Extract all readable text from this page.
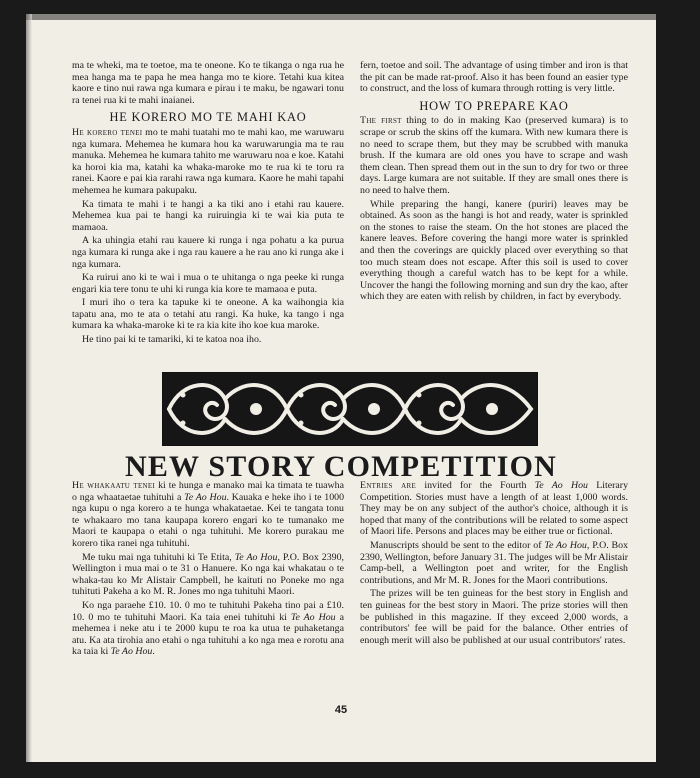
ma te wheki, ma te toetoe, ma te oneone. Ko te tikanga o nga rua he mea hanga ma te papa he mea hanga mo te kiore. Tetahi kua kitea kaore e tino nui rawa nga kumara e pirau i te maku, be ngawari tonu ra tenei rua ki te mahi inaianei.

HE KORERO MO TE MAHI KAO

He korero tenei mo te mahi tuatahi mo te mahi kao, me waruwaru nga kumara. Mehemea he kumara hou ka waruwarungia ma te rau manuka. Mehemea he kumara tahito me waruwaru noa e koe. Katahi ka horoi kia ma, katahi ka whaka-maroke mo te rua ki te toru ra ranei. Kaore e pai kia rarahi rawa nga kumara. Kaore he mahi tapahi mehemea he kumara pakupaku.

Ka timata te mahi i te hangi a ka tiki ano i etahi rau kauere. Mehemea kua pai te hangi ka ruiruingia ki te wai kia puta te mamaoa.

A ka uhingia etahi rau kauere ki runga i nga pohatu a ka purua nga kumara ki runga ake i nga rau kauere a he rau ano ki runga ake i nga kumara.

Ka ruirui ano ki te wai i mua o te uhitanga o nga peeke ki runga engari kia tere tonu te uhi ki runga kia kore te mamaoa e puta.

I muri iho o tera ka tapuke ki te oneone. A ka waihongia kia tapatu ana, mo te ata o tetahi atu rangi. Ka huke, ka tango i nga kumara ka whaka-maroke ki te ra kia kite iho koe kua maroke.

He tino pai ki te tamariki, ki te katoa noa iho.

fern, toetoe and soil. The advantage of using timber and iron is that the pit can be made rat-proof. Also it has been found an easier type to construct, and the loss of kumara through rotting is very little.

HOW TO PREPARE KAO

The first thing to do in making Kao (preserved kumara) is to scrape or scrub the skins off the kumara. With new kumara there is no need to scrape them, but they may be scrubbed with manuka brush. If the kumara are old ones you have to scrape and wash them clean. Then spread them out in the sun to dry for two or three days. Large kumara are not suitable. If they are small ones there is no need to halve them.

While preparing the hangi, kanere (puriri) leaves may be obtained. As soon as the hangi is hot and ready, water is sprinkled on the stones to raise the steam. On the hot stones are placed the kanere leaves. Before covering the hangi more water is sprinkled and then the coverings are quickly placed over everything so that too much steam does not escape. After this soil is used to cover everything though a careful watch has to be kept for a while. Uncover the hangi the following morning and sun dry the kao, after which they are eaten with relish by children, in fact by everybody.

NEW STORY COMPETITION

He whakaatu tenei ki te hunga e manako mai ka timata te tuawha o nga whaataetae tuhituhi a Te Ao Hou. Kauaka e heke iho i te 1000 nga kupu o nga korero a te hunga whakataetae. Kei te tangata tonu te whakaaro mo tana kaupapa korero engari ko te tumanako me Maori te kaupapa o etahi o nga tuhituhi. Me korero purakau me korero tika ranei nga tuhituhi.

Me tuku mai nga tuhituhi ki Te Etita, Te Ao Hou, P.O. Box 2390, Wellington i mua mai o te 31 o Hanuere. Ko nga kai whakatau o te whaka-tau ko Mr Alistair Campbell, he kaituti no Poneke mo nga tuhituti Pakeha a ko M. R. Jones mo nga tuhituhi Maori.

Ko nga paraehe £10. 10. 0 mo te tuhituhi Pakeha tino pai a £10. 10. 0 mo te tuhituhi Maori. Ka taia enei tuhituhi ki Te Ao Hou a mehemea i neke atu i te 2000 kupu te roa ka utua te puhaketanga atu. Ka ata tirohia ano etahi o nga tuhituhi a ko nga mea e rorotu ana ka taia ki Te Ao Hou.

Entries are invited for the Fourth Te Ao Hou Literary Competition. Stories must have a length of at least 1,000 words. They may be on any subject of the author's choice, although it is hoped that many of the contributions will be related to some aspect of Maori life. Persons and places may be either true or fictional.

Manuscripts should be sent to the editor of Te Ao Hou, P.O. Box 2390, Wellington, before January 31. The judges will be Mr Alistair Camp-bell, a Wellington poet and writer, for the English contributions, and Mr M. R. Jones for the Maori contributions.

The prizes will be ten guineas for the best story in English and ten guineas for the best story in Maori. The prize stories will then be published in this magazine. If they exceed 2,000 words, a contributors' fee will be paid for the balance. Other entries of enough merit will also be published at our usual contributors' rates.

45
